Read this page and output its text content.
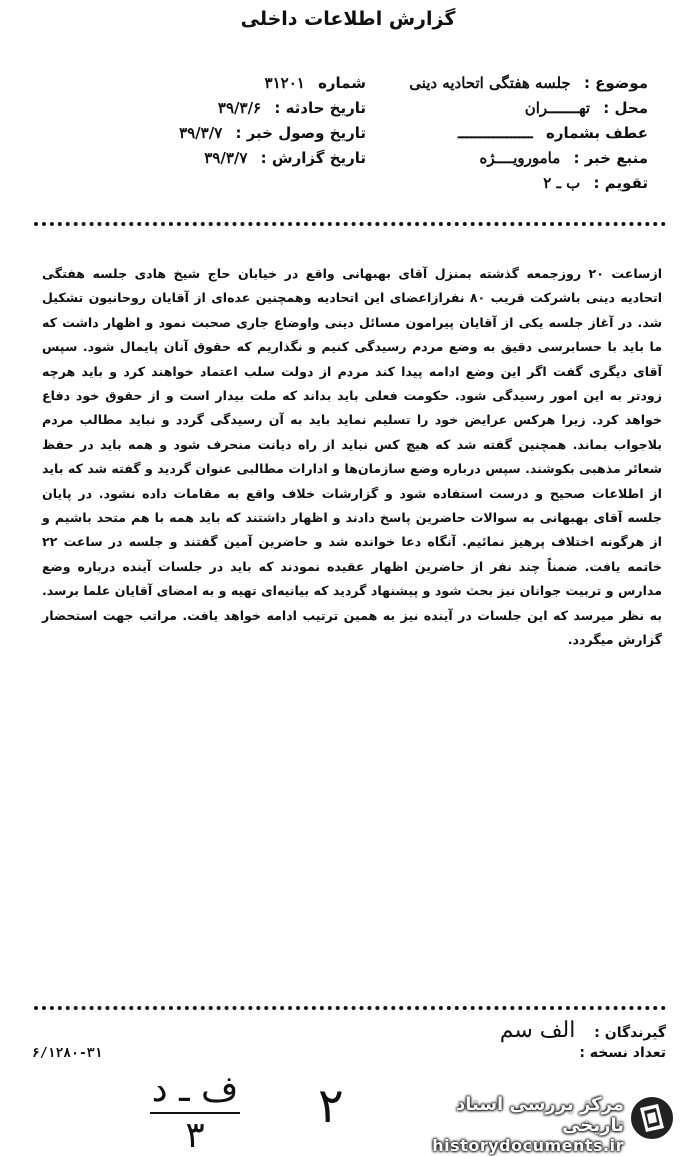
گزارش اطلاعات داخلی
موضوع : جلسه هفتگی اتحادیه دینی
محل : تهـــــــران
عطف بشماره ـــــــــــــــــ
منبع خبر : مامورویــــژه
تقویم : ب ـ ۲
شماره ۳۱۲۰۱
تاریخ حادثه : ۳۹/۳/۶
تاریخ وصول خبر : ۳۹/۳/۷
تاریخ گزارش : ۳۹/۳/۷

ازساعت ۲۰ روزجمعه گذشته بمنزل آقای بهبهانی واقع در خیابان حاج شیخ هادی جلسه هفتگی اتحادیه دینی باشرکت قریب ۸۰ نفرازاعضای این اتحادیه وهمچنین عده‌ای از آقایان روحانیون تشکیل شد. در آغاز جلسه یکی از آقایان پیرامون مسائل دینی واوضاع جاری صحبت نمود و اظهار داشت که ما باید با حسابرسی دقیق به وضع مردم رسیدگی کنیم و نگذاریم که حقوق آنان پایمال شود. سپس آقای دیگری گفت اگر این وضع ادامه پیدا کند مردم از دولت سلب اعتماد خواهند کرد و باید هرچه زودتر به این امور رسیدگی شود. حکومت فعلی باید بداند که ملت بیدار است و از حقوق خود دفاع خواهد کرد. زیرا هرکس عرایض خود را تسلیم نماید باید به آن رسیدگی گردد و نباید مطالب مردم بلاجواب بماند. همچنین گفته شد که هیچ کس نباید از راه دیانت منحرف شود و همه باید در حفظ شعائر مذهبی بکوشند. سپس درباره وضع سازمان‌ها و ادارات مطالبی عنوان گردید و گفته شد که باید از اطلاعات صحیح و درست استفاده شود و گزارشات خلاف واقع به مقامات داده نشود. در پایان جلسه آقای بهبهانی به سوالات حاضرین پاسخ دادند و اظهار داشتند که باید همه با هم متحد باشیم و از هرگونه اختلاف پرهیز نمائیم. آنگاه دعا خوانده شد و حاضرین آمین گفتند و جلسه در ساعت ۲۲ خاتمه یافت. ضمناً چند نفر از حاضرین اظهار عقیده نمودند که باید در جلسات آینده درباره وضع مدارس و تربیت جوانان نیز بحث شود و پیشنهاد گردید که بیانیه‌ای تهیه و به امضای آقایان علما برسد. به نظر میرسد که این جلسات در آینده نیز به همین ترتیب ادامه خواهد یافت. مراتب جهت استحضار گزارش میگردد.

گیرندگان : الف سم
تعداد نسخه :
۶/۱۲۸۰-۳۱
ف ـ د
۳
۲	مرکز بررسی اسناد تاریخی
historydocuments.ir
